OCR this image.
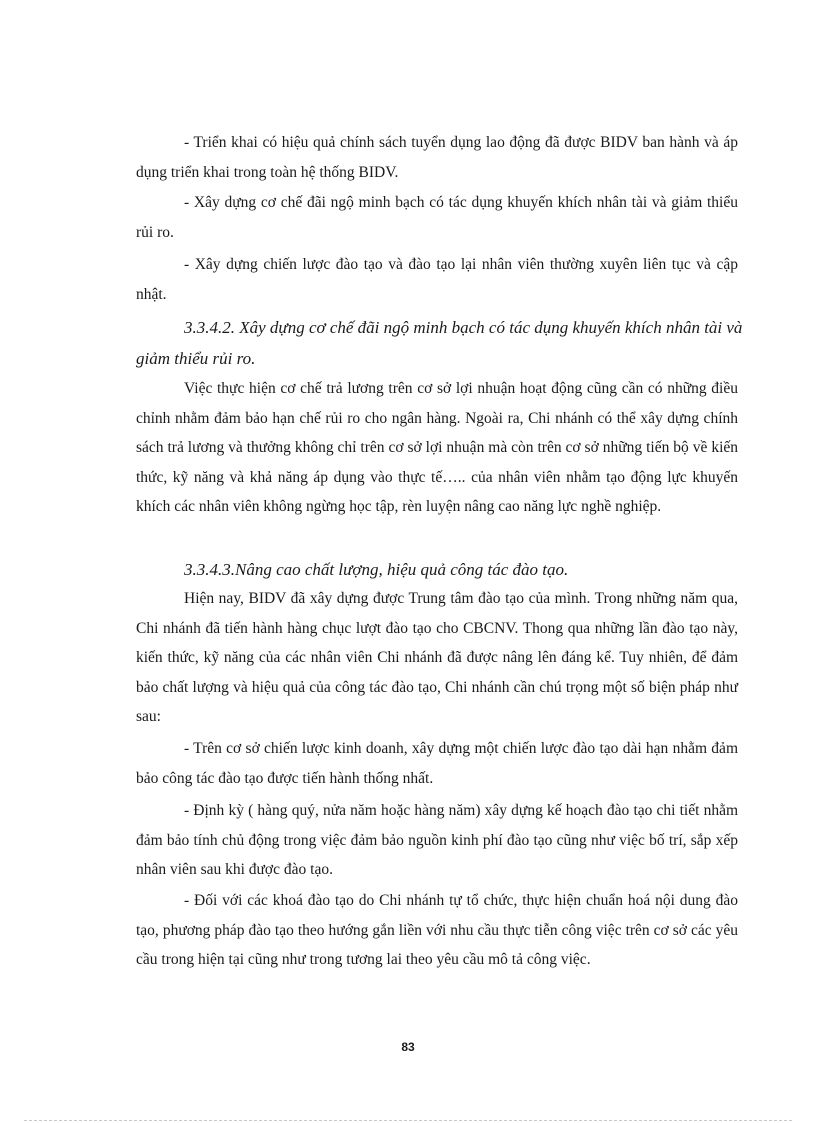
- Triển khai có hiệu quả chính sách tuyển dụng lao động đã được BIDV ban hành và áp dụng triển khai trong toàn hệ thống BIDV.

- Xây dựng cơ chế đãi ngộ minh bạch có tác dụng khuyến khích nhân tài và giảm thiểu rủi ro.

- Xây dựng chiến lược đào tạo và đào tạo lại nhân viên thường xuyên liên tục và cập nhật.

3.3.4.2. Xây dựng cơ chế đãi ngộ minh bạch có tác dụng khuyến khích nhân tài và giảm thiểu rủi ro.

Việc thực hiện cơ chế trả lương trên cơ sở lợi nhuận hoạt động cũng cần có những điều chỉnh nhằm đảm bảo hạn chế rủi ro cho ngân hàng. Ngoài ra, Chi nhánh có thể xây dựng chính sách trả lương và thưởng không chỉ trên cơ sở lợi nhuận mà còn trên cơ sở những tiến bộ về kiến thức, kỹ năng và khả năng áp dụng vào thực tế….. của nhân viên nhằm tạo động lực khuyến khích các nhân viên không ngừng học tập, rèn luyện nâng cao năng lực nghề nghiệp.

3.3.4.3.Nâng cao chất lượng, hiệu quả công tác đào tạo.

Hiện nay, BIDV đã xây dựng được Trung tâm đào tạo của mình. Trong những năm qua, Chi nhánh đã tiến hành hàng chục lượt đào tạo cho CBCNV. Thong qua những lần đào tạo này, kiến thức, kỹ năng của các nhân viên Chi nhánh đã được nâng lên đáng kể. Tuy nhiên, để đảm bảo chất lượng và hiệu quả của công tác đào tạo, Chi nhánh cần chú trọng một số biện pháp như sau:

- Trên cơ sở chiến lược kinh doanh, xây dựng một chiến lược đào tạo dài hạn nhằm đảm bảo công tác đào tạo được tiến hành thống nhất.

- Định kỳ ( hàng quý, nửa năm hoặc hàng năm) xây dựng kế hoạch đào tạo chi tiết nhằm đảm bảo tính chủ động trong việc đảm bảo nguồn kinh phí đào tạo cũng như việc bố trí, sắp xếp nhân viên sau khi được đào tạo.

- Đối với các khoá đào tạo do Chi nhánh tự tổ chức, thực hiện chuẩn hoá nội dung đào tạo, phương pháp đào tạo theo hướng gắn liền với nhu cầu thực tiễn công việc trên cơ sở các yêu cầu trong hiện tại cũng như trong tương lai theo yêu cầu mô tả công việc.

83
